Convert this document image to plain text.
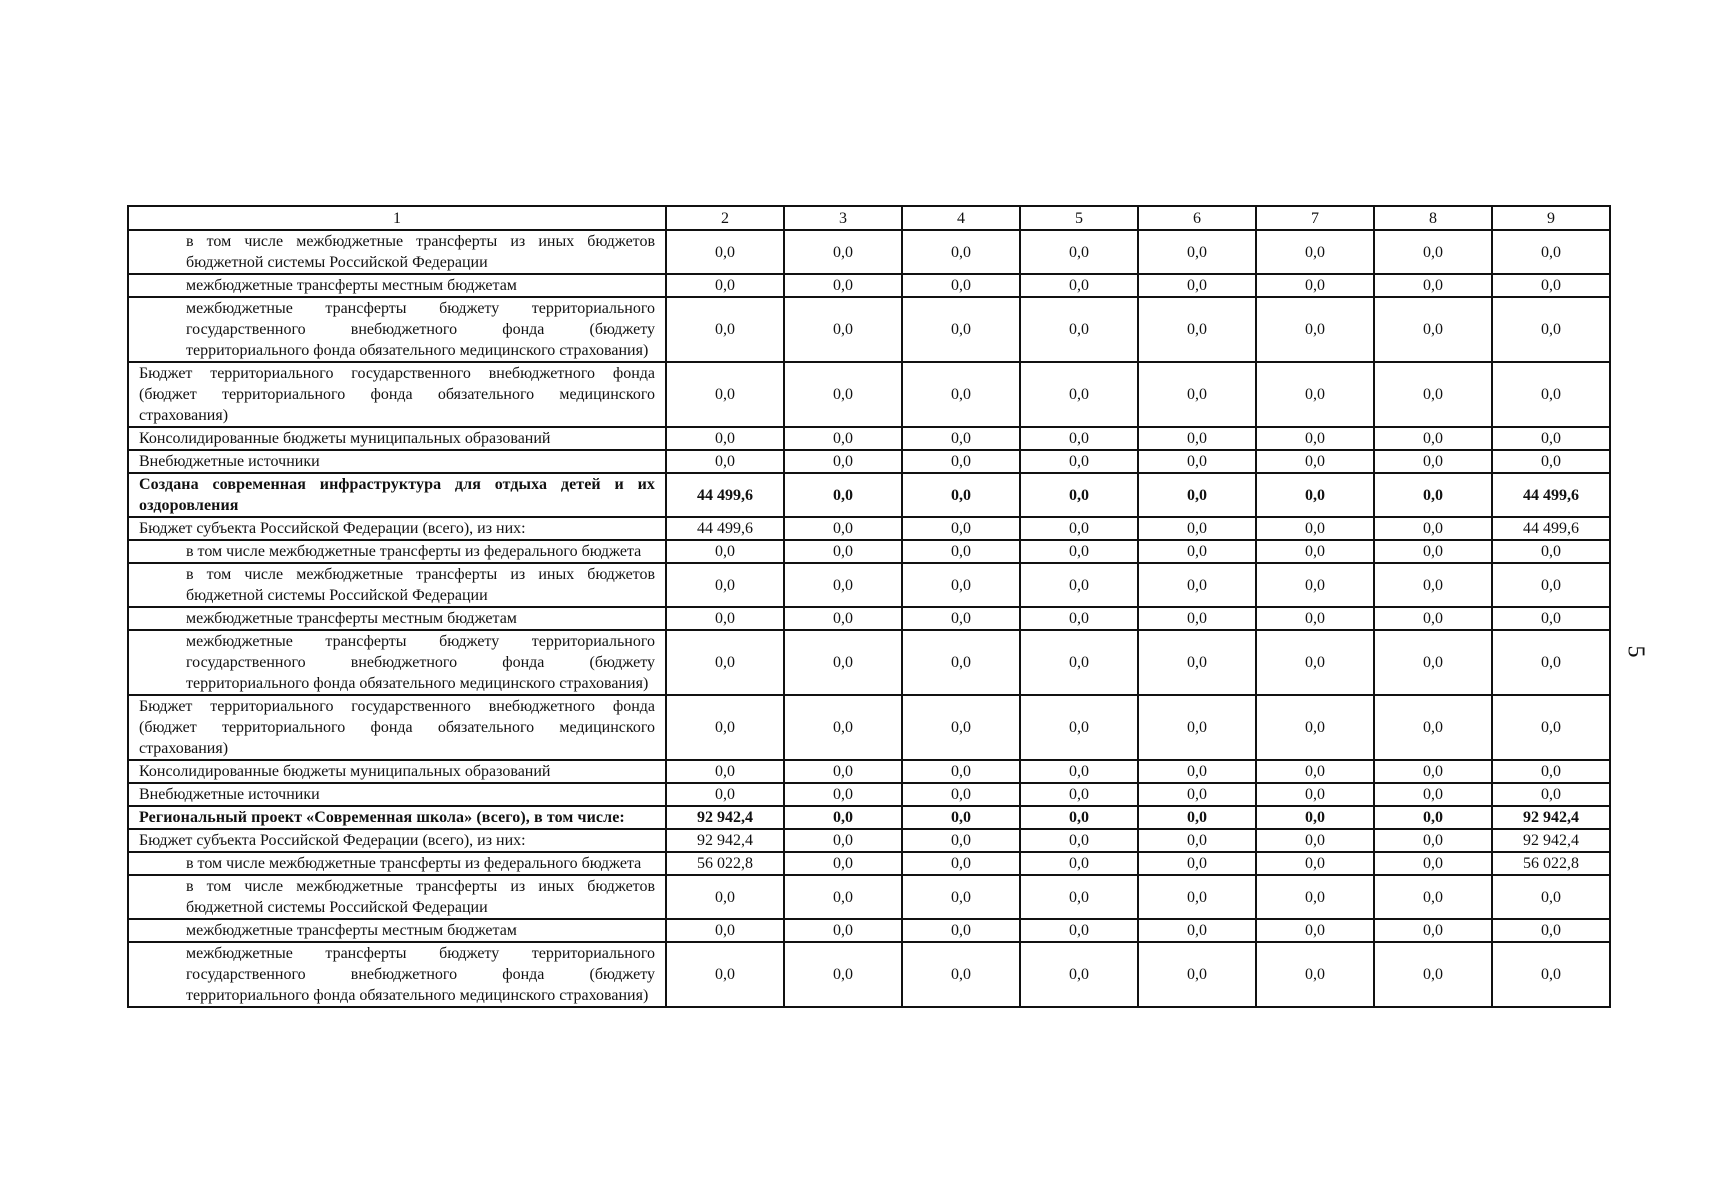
5
1	2	3	4	5	6	7	8	9
в том числе межбюджетные трансферты из иных бюджетов бюджетной системы Российской Федерации	0,0	0,0	0,0	0,0	0,0	0,0	0,0	0,0
межбюджетные трансферты местным бюджетам	0,0	0,0	0,0	0,0	0,0	0,0	0,0	0,0
межбюджетные трансферты бюджету территориального государственного внебюджетного фонда (бюджету территориального фонда обязательного медицинского страхования)	0,0	0,0	0,0	0,0	0,0	0,0	0,0	0,0
Бюджет территориального государственного внебюджетного фонда (бюджет территориального фонда обязательного медицинского страхования)	0,0	0,0	0,0	0,0	0,0	0,0	0,0	0,0
Консолидированные бюджеты муниципальных образований	0,0	0,0	0,0	0,0	0,0	0,0	0,0	0,0
Внебюджетные источники	0,0	0,0	0,0	0,0	0,0	0,0	0,0	0,0
Создана современная инфраструктура для отдыха детей и их оздоровления	44 499,6	0,0	0,0	0,0	0,0	0,0	0,0	44 499,6
Бюджет субъекта Российской Федерации (всего), из них:	44 499,6	0,0	0,0	0,0	0,0	0,0	0,0	44 499,6
в том числе межбюджетные трансферты из федерального бюджета	0,0	0,0	0,0	0,0	0,0	0,0	0,0	0,0
в том числе межбюджетные трансферты из иных бюджетов бюджетной системы Российской Федерации	0,0	0,0	0,0	0,0	0,0	0,0	0,0	0,0
межбюджетные трансферты местным бюджетам	0,0	0,0	0,0	0,0	0,0	0,0	0,0	0,0
межбюджетные трансферты бюджету территориального государственного внебюджетного фонда (бюджету территориального фонда обязательного медицинского страхования)	0,0	0,0	0,0	0,0	0,0	0,0	0,0	0,0
Бюджет территориального государственного внебюджетного фонда (бюджет территориального фонда обязательного медицинского страхования)	0,0	0,0	0,0	0,0	0,0	0,0	0,0	0,0
Консолидированные бюджеты муниципальных образований	0,0	0,0	0,0	0,0	0,0	0,0	0,0	0,0
Внебюджетные источники	0,0	0,0	0,0	0,0	0,0	0,0	0,0	0,0
Региональный проект «Современная школа» (всего), в том числе:	92 942,4	0,0	0,0	0,0	0,0	0,0	0,0	92 942,4
Бюджет субъекта Российской Федерации (всего), из них:	92 942,4	0,0	0,0	0,0	0,0	0,0	0,0	92 942,4
в том числе межбюджетные трансферты из федерального бюджета	56 022,8	0,0	0,0	0,0	0,0	0,0	0,0	56 022,8
в том числе межбюджетные трансферты из иных бюджетов бюджетной системы Российской Федерации	0,0	0,0	0,0	0,0	0,0	0,0	0,0	0,0
межбюджетные трансферты местным бюджетам	0,0	0,0	0,0	0,0	0,0	0,0	0,0	0,0
межбюджетные трансферты бюджету территориального государственного внебюджетного фонда (бюджету территориального фонда обязательного медицинского страхования)	0,0	0,0	0,0	0,0	0,0	0,0	0,0	0,0
